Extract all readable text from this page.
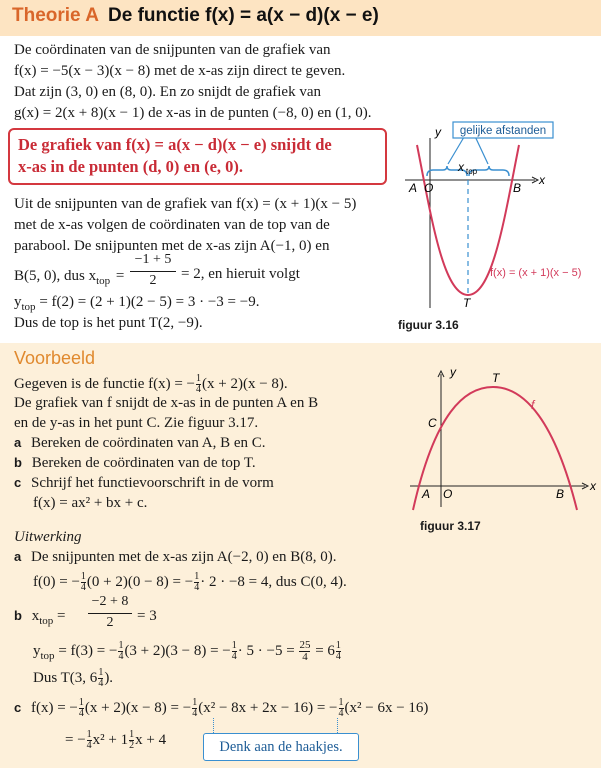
Theorie A De functie f(x) = a(x − d)(x − e)
De coördinaten van de snijpunten van de grafiek van
f(x) = −5(x − 3)(x − 8) met de x-as zijn direct te geven.
Dat zijn (3, 0) en (8, 0). En zo snijdt de grafiek van
g(x) = 2(x + 8)(x − 1) de x-as in de punten (−8, 0) en (1, 0).
De grafiek van f(x) = a(x − d)(x − e) snijdt de
x-as in de punten (d, 0) en (e, 0).
Uit de snijpunten van de grafiek van f(x) = (x + 1)(x − 5)
met de x-as volgen de coördinaten van de top van de
parabool. De snijpunten met de x-as zijn A(−1, 0) en
B(5, 0), dus $x_{top}$ =
−1 + 5
2	= 2, en hieruit volgt
$y_{top} = f(2) = (2 + 1)(2 - 5) = 3 \cdot -3 = -9$.
Dus de top is het punt T(2, −9).
gelijke afstanden
y
x
x top
A O	B
T
f(x) = (x + 1)(x − 5)
figuur 3.16
Voorbeeld
Gegeven is de functie f(x) = − $\frac{1}{4} (x + 2)(x - 8)$.
De grafiek van f snijdt de x-as in de punten A en B
en de y-as in het punt C. Zie figuur 3.17.
a Bereken de coördinaten van A, B en C.
b Bereken de coördinaten van de top T.
c Schrijf het functievoorschrift in de vorm
f(x) = ax² + bx + c.
y
x
A O	B
C
T
f
figuur 3.17
Uitwerking
a De snijpunten met de x-as zijn A(−2, 0) en B(8, 0).
f(0) = − $\frac{1}{4} (0 + 2)(0 - 8)$ = − $\frac{1}{4} \cdot 2 \cdot -8 = 4$, dus C(0, 4).
b $x_{top}$ =
−2 + 8
2	= 3
$y_{top} = f(3)$ = − $\frac{1}{4} (3 + 2)(3 - 8)$ = − $\frac{1}{4} \cdot 5 \cdot -5 = \frac{25}{4} = 6 \frac{1}{4}$
Dus T(3, $6 \frac{1}{4}$ ).
c f(x) = − $\frac{1}{4} (x + 2)(x - 8)$ = − $\frac{1}{4} (x^2 - 8x + 2x - 16)$ = − $\frac{1}{4} (x^2 - 6x - 16)$
= − $\frac{1}{4} x^2 + 1 \frac{1}{2}$ x + 4	Denk aan de haakjes.
